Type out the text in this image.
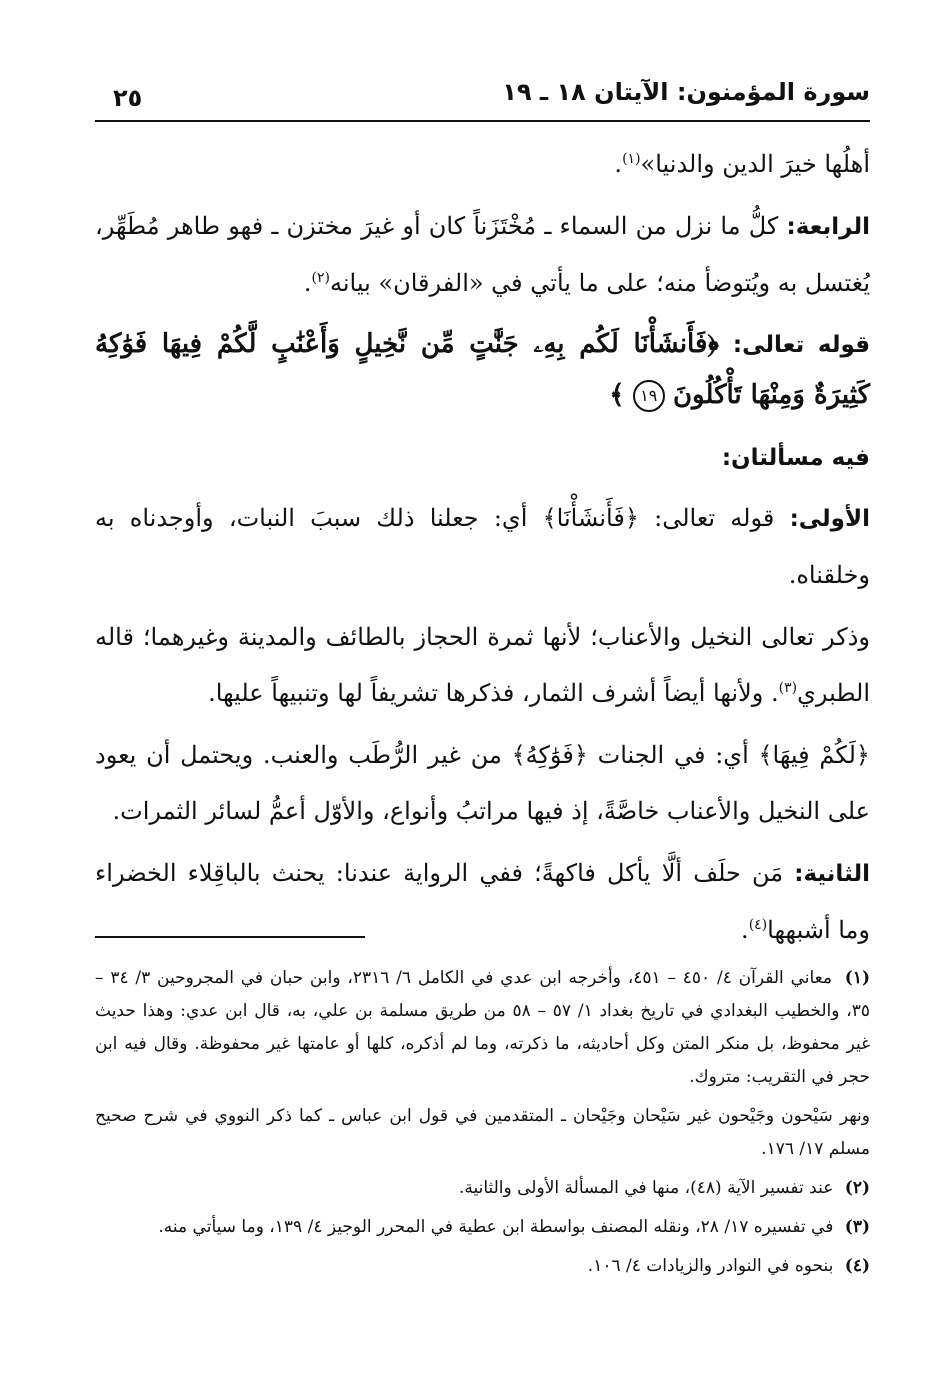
سورة المؤمنون: الآيتان ١٨ ـ ١٩
٢٥

أهلُها خيرَ الدين والدنيا»$^{(١)}$.

الرابعة: كلُّ ما نزل من السماء ـ مُخْتَزَناً كان أو غيرَ مختزن ـ فهو طاهر مُطَهِّر، يُغتسل به ويُتوضأ منه؛ على ما يأتي في «الفرقان» بيانه$^{(٢)}$.

قوله تعالى: ﴿فَأَنشَأْنَا لَكُم بِهِۦ جَنَّٰتٍ مِّن نَّخِيلٍ وَأَعْنَٰبٍ لَّكُمْ فِيهَا فَوَٰكِهُ كَثِيرَةٌ وَمِنْهَا تَأْكُلُونَ ١٩ ﴾

فيه مسألتان:

الأولى: قوله تعالى: ﴿فَأَنشَأْنَا﴾ أي: جعلنا ذلك سببَ النبات، وأوجدناه به وخلقناه.

وذكر تعالى النخيل والأعناب؛ لأنها ثمرة الحجاز بالطائف والمدينة وغيرهما؛ قاله الطبري$^{(٣)}$. ولأنها أيضاً أشرف الثمار، فذكرها تشريفاً لها وتنبيهاً عليها.

﴿لَكُمْ فِيهَا﴾ أي: في الجنات ﴿فَوَٰكِهُ﴾ من غير الرُّطَب والعنب. ويحتمل أن يعود على النخيل والأعناب خاصَّةً، إذ فيها مراتبُ وأنواع، والأوّل أعمُّ لسائر الثمرات.

الثانية: مَن حلَف ألَّا يأكل فاكهةً؛ ففي الرواية عندنا: يحنث بالباقِلاء الخضراء وما أشبهها$^{(٤)}$.

(١) معاني القرآن ٤/ ٤٥٠ – ٤٥١، وأخرجه ابن عدي في الكامل ٦/ ٢٣١٦، وابن حبان في المجروحين ٣/ ٣٤ – ٣٥، والخطيب البغدادي في تاريخ بغداد ١/ ٥٧ – ٥٨ من طريق مسلمة بن علي، به، قال ابن عدي: وهذا حديث غير محفوظ، بل منكر المتن وكل أحاديثه، ما ذكرته، وما لم أذكره، كلها أو عامتها غير محفوظة. وقال فيه ابن حجر في التقريب: متروك.

ونهر سَيْحون وجَيْحون غير سَيْحان وجَيْحان ـ المتقدمين في قول ابن عباس ـ كما ذكر النووي في شرح صحيح مسلم ١٧/ ١٧٦.

(٢) عند تفسير الآية (٤٨)، منها في المسألة الأولى والثانية.

(٣) في تفسيره ١٧/ ٢٨، ونقله المصنف بواسطة ابن عطية في المحرر الوجيز ٤/ ١٣٩، وما سيأتي منه.

(٤) بنحوه في النوادر والزيادات ٤/ ١٠٦.
